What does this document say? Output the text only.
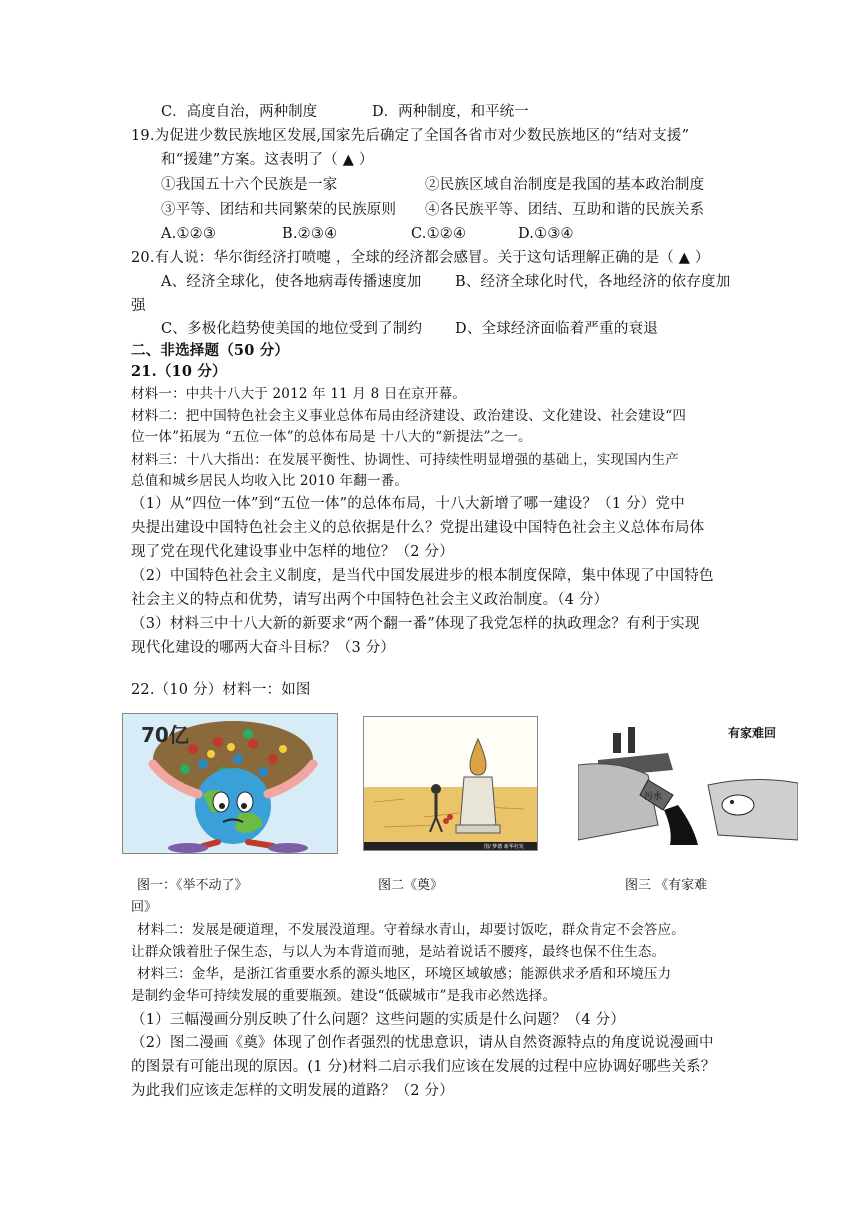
C．高度自治，两种制度	D．两种制度，和平统一
19.为促进少数民族地区发展,国家先后确定了全国各省市对少数民族地区的“结对支援”
和“援建”方案。这表明了（ ▲ ）
①我国五十六个民族是一家	②民族区域自治制度是我国的基本政治制度
③平等、团结和共同繁荣的民族原则 ④各民族平等、团结、互助和谐的民族关系
A.①②③	B.②③④	C.①②④	D.①③④
20.有人说：华尔街经济打喷嚏 ，全球的经济都会感冒。关于这句话理解正确的是（ ▲ ）
A、经济全球化，使各地病毒传播速度加 B、经济全球化时代，各地经济的依存度加
强
C、多极化趋势使美国的地位受到了制约 D、全球经济面临着严重的衰退
二、非选择题（50 分）
21.（10 分）
材料一：中共十八大于 2012 年 11 月 8 日在京开幕。
材料二：把中国特色社会主义事业总体布局由经济建设、政治建设、文化建设、社会建设“四
位一体”拓展为 “五位一体”的总体布局是 十八大的“新提法”之一。
材料三：十八大指出：在发展平衡性、协调性、可持续性明显增强的基础上，实现国内生产
总值和城乡居民人均收入比 2010 年翻一番。
（1）从“四位一体”到“五位一体”的总体布局，十八大新增了哪一建设？（1 分）党中
央提出建设中国特色社会主义的总依据是什么？党提出建设中国特色社会主义总体布局体
现了党在现代化建设事业中怎样的地位？（2 分）
（2）中国特色社会主义制度，是当代中国发展进步的根本制度保障，集中体现了中国特色
社会主义的特点和优势，请写出两个中国特色社会主义政治制度。（4 分）
（3）材料三中十八大新的新要求“两个翻一番”体现了我党怎样的执政理念？有利于实现
现代化建设的哪两大奋斗目标？（3 分）
22.（10 分）材料一：如图
70亿
图/ 梦德 新华社发
污水
有家难回
图一：《举不动了》	图二《奠》	图三 《有家难
回》
材料二：发展是硬道理，不发展没道理。守着绿水青山，却要讨饭吃，群众肯定不会答应。
让群众饿着肚子保生态，与以人为本背道而驰，是站着说话不腰疼，最终也保不住生态。
材料三：金华，是浙江省重要水系的源头地区，环境区域敏感；能源供求矛盾和环境压力
是制约金华可持续发展的重要瓶颈。建设“低碳城市”是我市必然选择。
（1）三幅漫画分别反映了什么问题？这些问题的实质是什么问题？（4 分）
（2）图二漫画《奠》体现了创作者强烈的忧患意识，请从自然资源特点的角度说说漫画中
的图景有可能出现的原因。(1 分)材料二启示我们应该在发展的过程中应协调好哪些关系？
为此我们应该走怎样的文明发展的道路？（2 分）
